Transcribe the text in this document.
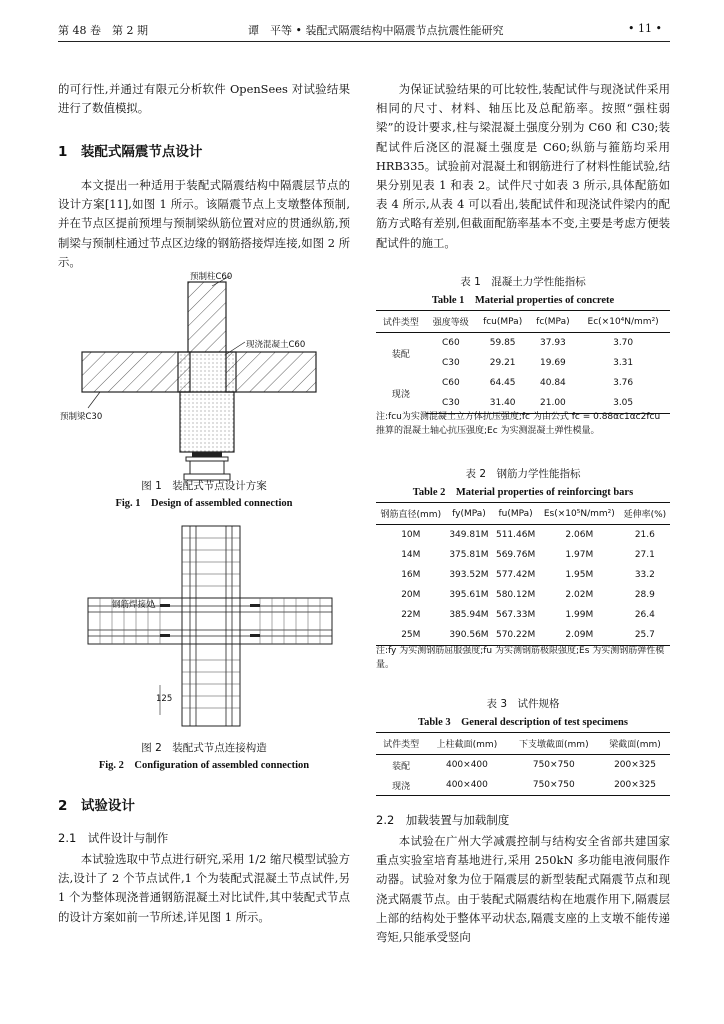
第 48 卷　第 2 期	谭　平等 • 装配式隔震结构中隔震节点抗震性能研究	• 11 •

的可行性,并通过有限元分析软件 OpenSees 对试验结果进行了数值模拟。

1　装配式隔震节点设计

本文提出一种适用于装配式隔震结构中隔震层节点的设计方案[11],如图 1 所示。该隔震节点上支墩整体预制,并在节点区提前预埋与预制梁纵筋位置对应的贯通纵筋,预制梁与预制柱通过节点区边缘的钢筋搭接焊连接,如图 2 所示。

预制柱C60
现浇混凝土C60
预制梁C30
图 1　装配式节点设计方案
Fig. 1　Design of assembled connection
钢筋焊接处
125
图 2　装配式节点连接构造
Fig. 2　Configuration of assembled connection
2　试验设计
2.1　试件设计与制作

本试验选取中节点进行研究,采用 1/2 缩尺模型试验方法,设计了 2 个节点试件,1 个为装配式混凝土节点试件,另 1 个为整体现浇普通钢筋混凝土对比试件,其中装配式节点的设计方案如前一节所述,详见图 1 所示。

为保证试验结果的可比较性,装配试件与现浇试件采用相同的尺寸、材料、轴压比及总配筋率。按照“强柱弱梁”的设计要求,柱与梁混凝土强度分别为 C60 和 C30;装配试件后浇区的混凝土强度是 C60;纵筋与箍筋均采用 HRB335。试验前对混凝土和钢筋进行了材料性能试验,结果分别见表 1 和表 2。试件尺寸如表 3 所示,具体配筋如表 4 所示,从表 4 可以看出,装配试件和现浇试件梁内的配筋方式略有差别,但截面配筋率基本不变,主要是考虑方便装配试件的施工。

表 1　混凝土力学性能指标
Table 1　Material properties of concrete
试件类型	强度等级	fcu(MPa)	fc(MPa)	Ec(×10⁴N/mm²)
装配	C60	59.85	37.93	3.70
	C30	29.21	19.69	3.31
现浇	C60	64.45	40.84	3.76
	C30	31.40	21.00	3.05
注:fcu为实测混凝土立方体抗压强度;fc 为由公式 fc = 0.88αc1αc2fcu 推算的混凝土轴心抗压强度;Ec 为实测混凝土弹性模量。
表 2　钢筋力学性能指标
Table 2　Material properties of reinforcingt bars
钢筋直径(mm)	fy(MPa)	fu(MPa)	Es(×10⁵N/mm²)	延伸率(%)
10M	349.81M	511.46M	2.06M	21.6
14M	375.81M	569.76M	1.97M	27.1
16M	393.52M	577.42M	1.95M	33.2
20M	395.61M	580.12M	2.02M	28.9
22M	385.94M	567.33M	1.99M	26.4
25M	390.56M	570.22M	2.09M	25.7
注:fy 为实测钢筋屈服强度;fu 为实测钢筋极限强度;Es 为实测钢筋弹性模量。
表 3　试件规格
Table 3　General description of test specimens
试件类型	上柱截面(mm)	下支墩截面(mm)	梁截面(mm)
装配	400×400	750×750	200×325
现浇	400×400	750×750	200×325
2.2　加载装置与加载制度

本试验在广州大学减震控制与结构安全省部共建国家重点实验室培育基地进行,采用 250kN 多功能电液伺服作动器。试验对象为位于隔震层的新型装配式隔震节点和现浇式隔震节点。由于装配式隔震结构在地震作用下,隔震层上部的结构处于整体平动状态,隔震支座的上支墩不能传递弯矩,只能承受竖向
